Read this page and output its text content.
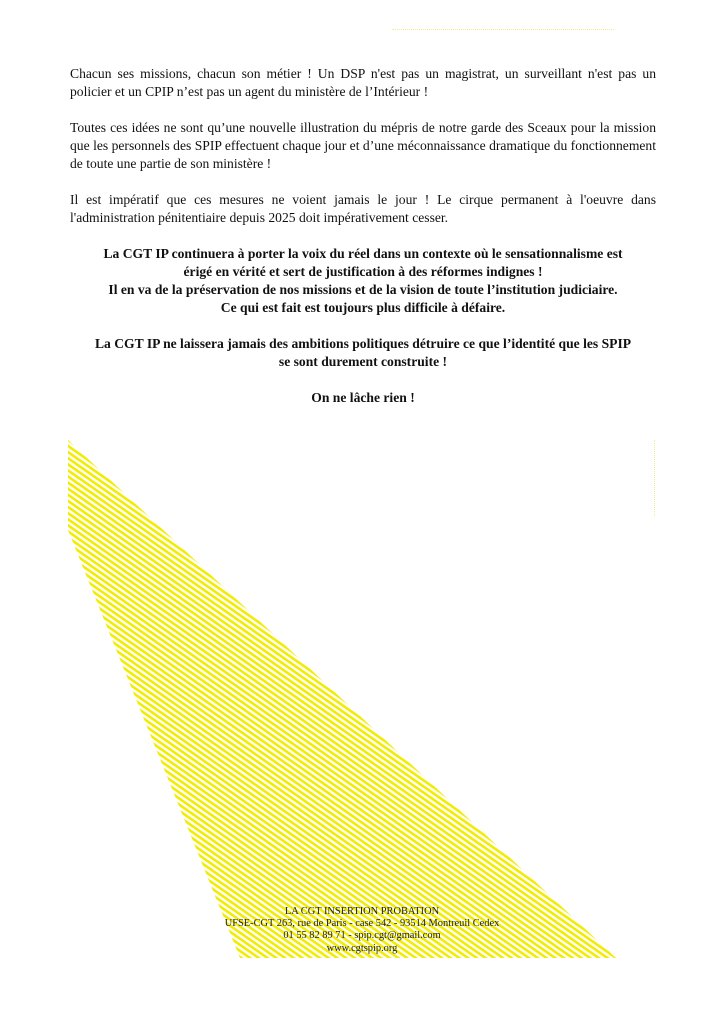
Chacun ses missions, chacun son métier ! Un DSP n'est pas un magistrat, un surveillant n'est pas un policier et un CPIP n’est pas un agent du ministère de l’Intérieur !

Toutes ces idées ne sont qu’une nouvelle illustration du mépris de notre garde des Sceaux pour la mission que les personnels des SPIP effectuent chaque jour et d’une méconnaissance dramatique du fonctionnement de toute une partie de son ministère !

Il est impératif que ces mesures ne voient jamais le jour ! Le cirque permanent à l'oeuvre dans l'administration pénitentiaire depuis 2025 doit impérativement cesser.

La CGT IP continuera à porter la voix du réel dans un contexte où le sensationnalisme est
érigé en vérité et sert de justification à des réformes indignes !
Il en va de la préservation de nos missions et de la vision de toute l’institution judiciaire.
Ce qui est fait est toujours plus difficile à défaire.
La CGT IP ne laissera jamais des ambitions politiques détruire ce que l’identité que les SPIP
se sont durement construite !
On ne lâche rien !
LA CGT INSERTION PROBATION
UFSE-CGT 263, rue de Paris - case 542 - 93514 Montreuil Cedex
01 55 82 89 71 - spip.cgt@gmail.com
www.cgtspip.org
